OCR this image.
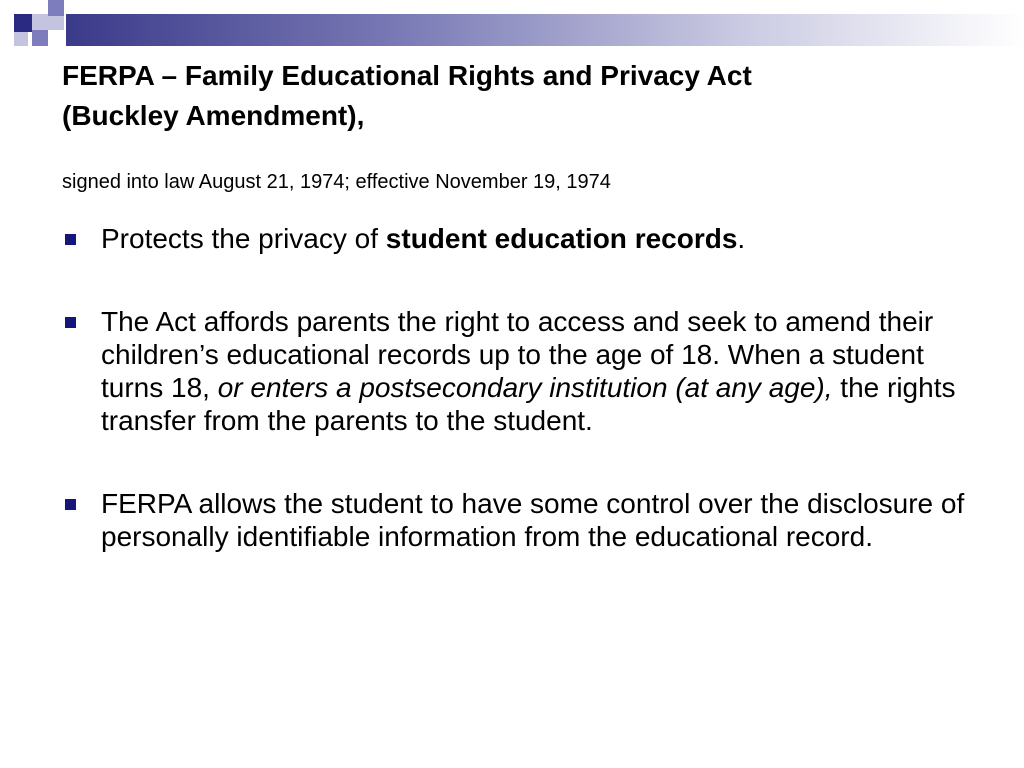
FERPA – Family Educational Rights and Privacy Act
(Buckley Amendment),

signed into law August 21, 1974; effective November 19, 1974

Protects the privacy of student education records.
The Act affords parents the right to access and seek to amend their children’s educational records up to the age of 18. When a student turns 18, or enters a postsecondary institution (at any age), the rights transfer from the parents to the student.
FERPA allows the student to have some control over the disclosure of personally identifiable information from the educational record.
